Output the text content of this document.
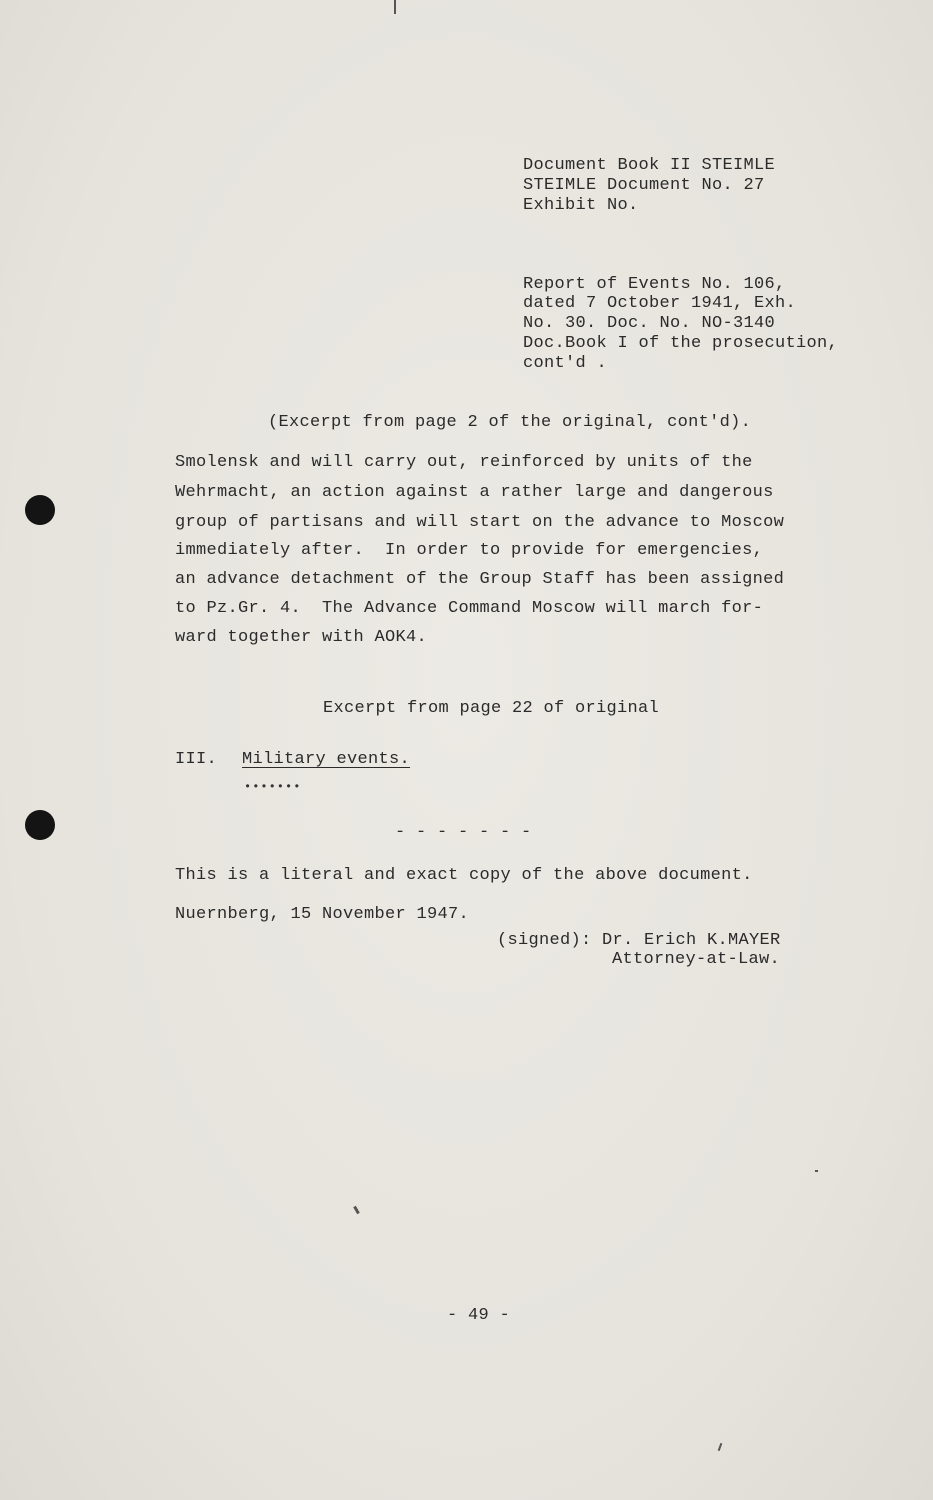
Document Book II STEIMLE
STEIMLE Document No. 27
Exhibit No.
Report of Events No. 106,
dated 7 October 1941, Exh.
No. 30. Doc. No. NO-3140
Doc.Book I of the prosecution,
cont'd .
(Excerpt from page 2 of the original, cont'd).
Smolensk and will carry out, reinforced by units of the
Wehrmacht, an action against a rather large and dangerous
group of partisans and will start on the advance to Moscow
immediately after.  In order to provide for emergencies,
an advance detachment of the Group Staff has been assigned
to Pz.Gr. 4.  The Advance Command Moscow will march for-
ward together with AOK4.
Excerpt from page 22 of original
III. Military events.
•••••••
- - - - - - -
This is a literal and exact copy of the above document.
Nuernberg, 15 November 1947.
(signed): Dr. Erich K.MAYER
Attorney-at-Law.
- 49 -
